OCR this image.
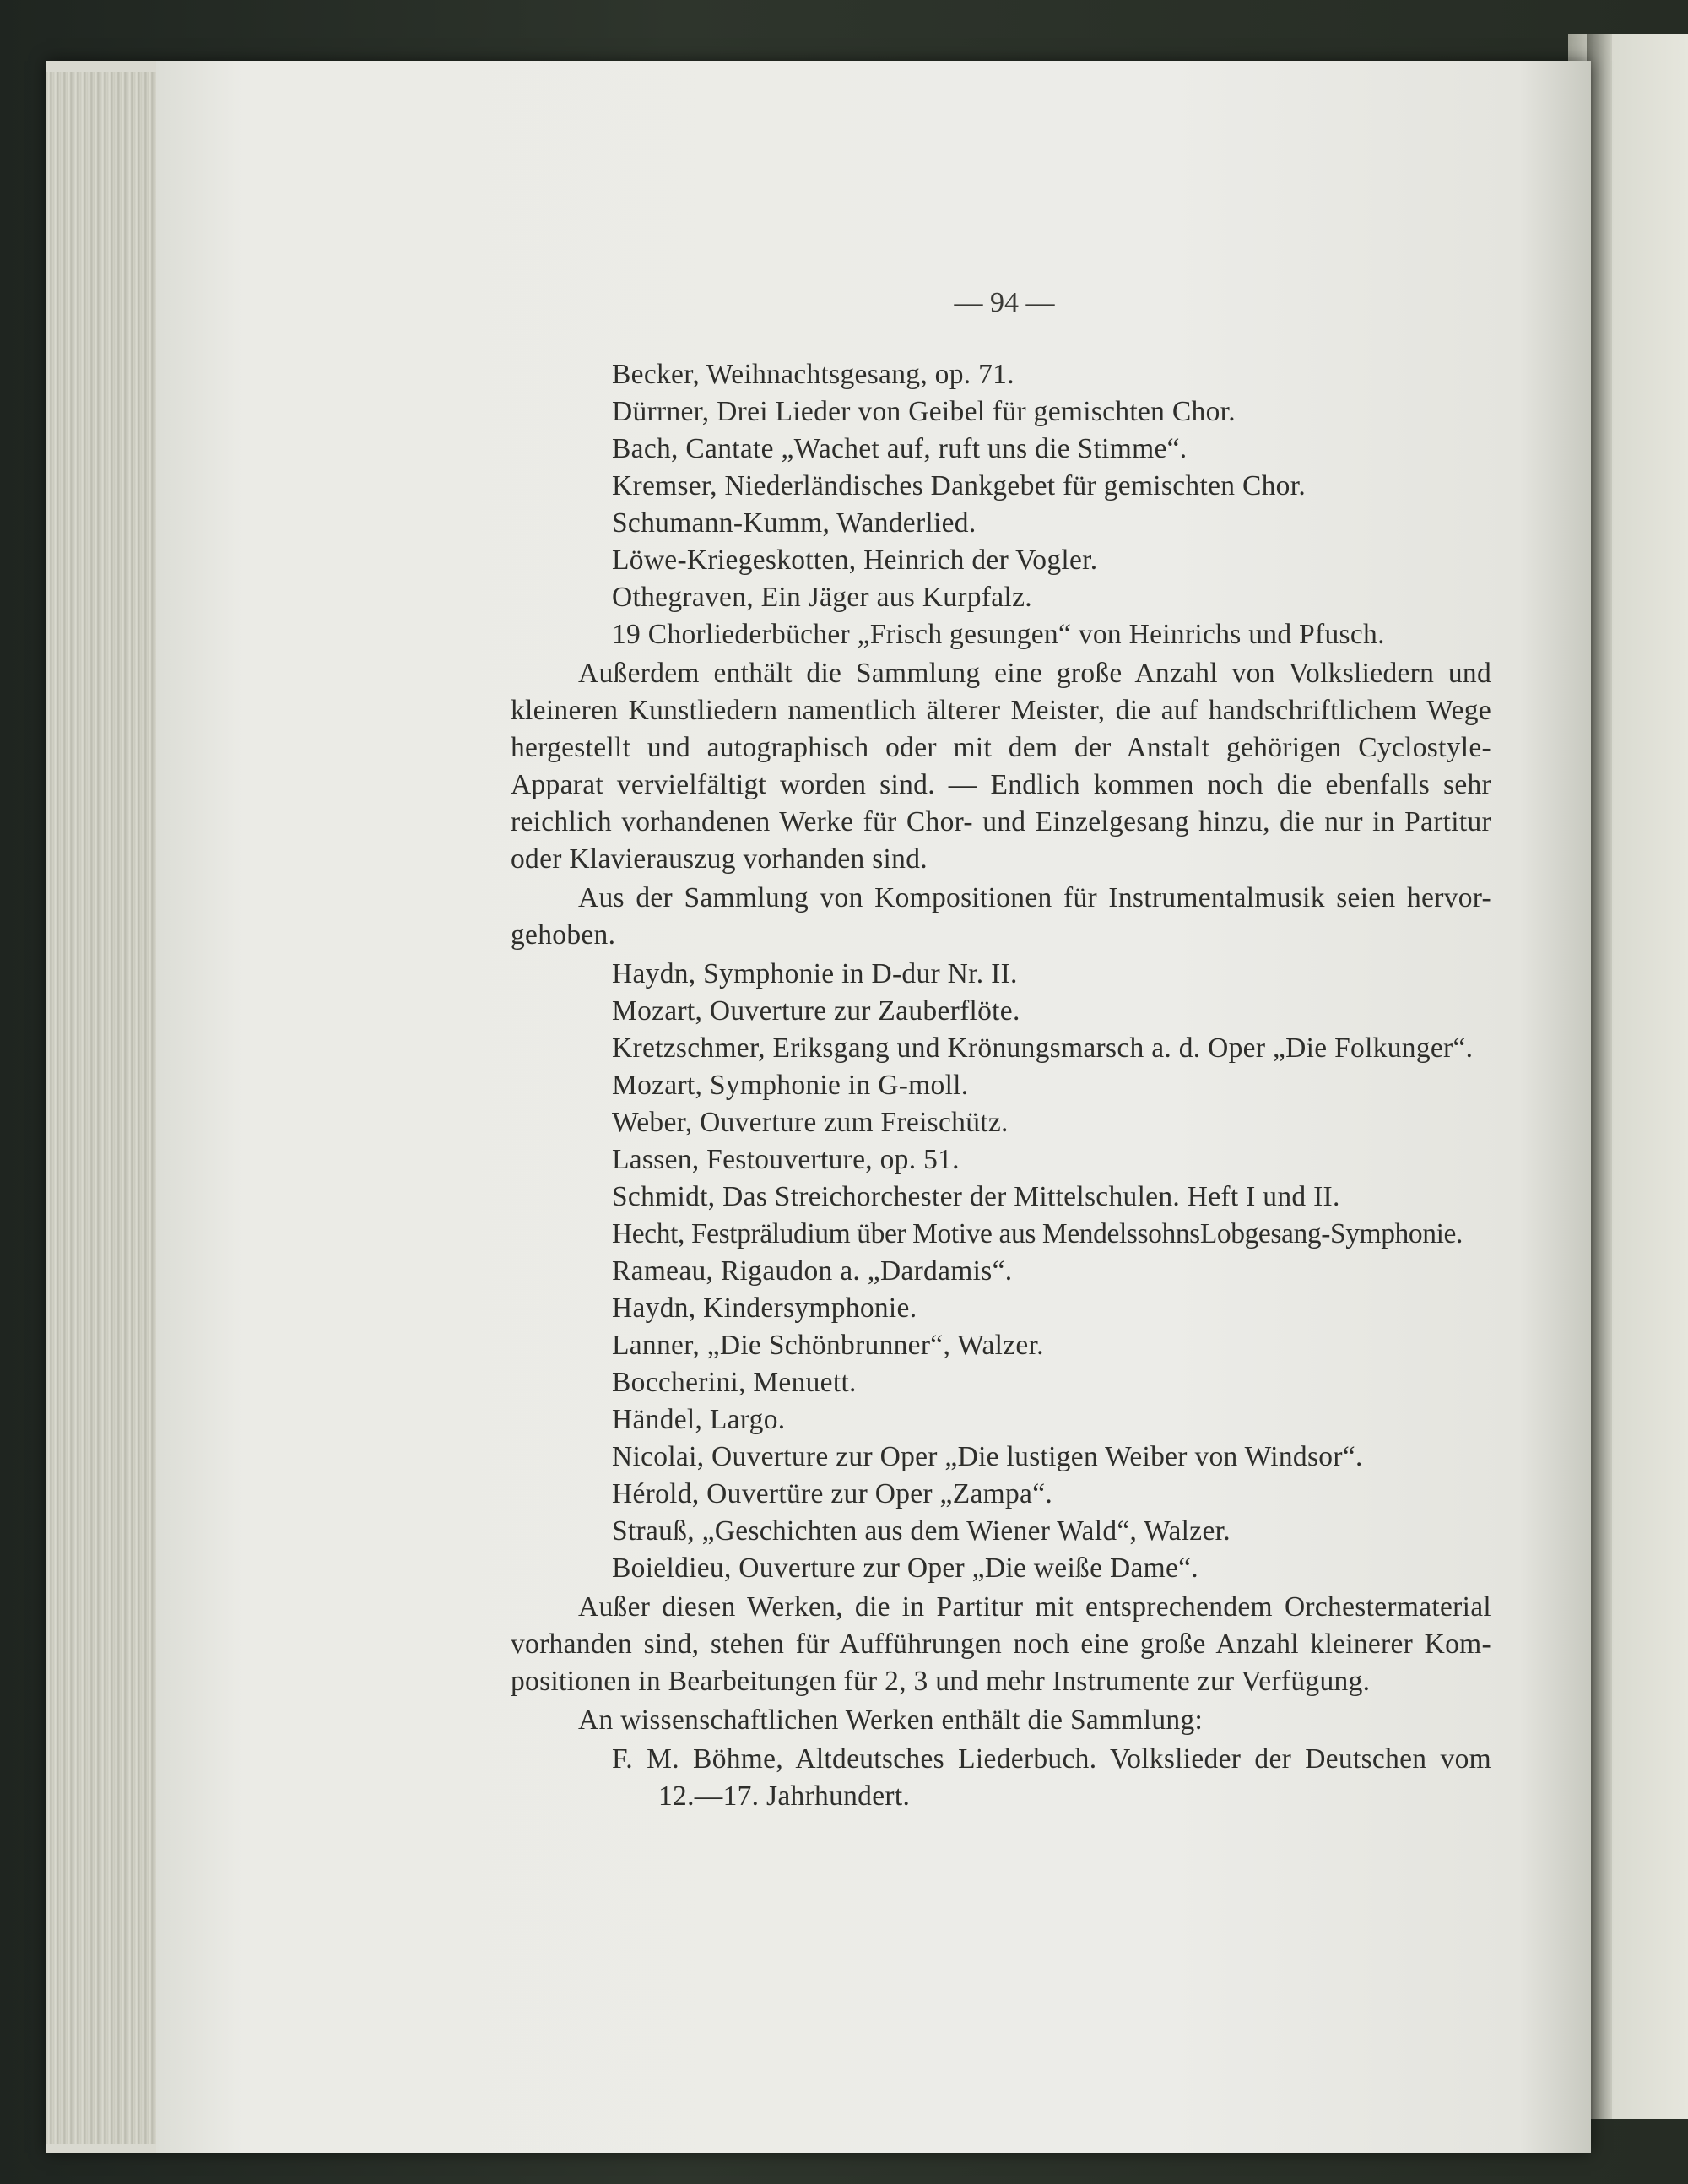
— 94 —
Becker, Weihnachtsgesang, op. 71.
Dürrner, Drei Lieder von Geibel für gemischten Chor.
Bach, Cantate „Wachet auf, ruft uns die Stimme“.
Kremser, Niederländisches Dankgebet für gemischten Chor.
Schumann-Kumm, Wanderlied.
Löwe-Kriegeskotten, Heinrich der Vogler.
Othegraven, Ein Jäger aus Kurpfalz.
19 Chorliederbücher „Frisch gesungen“ von Heinrichs und Pfusch.
Außerdem enthält die Sammlung eine große Anzahl von Volksliedern und
kleineren Kunstliedern namentlich älterer Meister, die auf handschriftlichem Wege
hergestellt und autographisch oder mit dem der Anstalt gehörigen Cyclostyle-
Apparat vervielfältigt worden sind. — Endlich kommen noch die ebenfalls sehr
reichlich vorhandenen Werke für Chor- und Einzelgesang hinzu, die nur in Partitur
oder Klavierauszug vorhanden sind.
Aus der Sammlung von Kompositionen für Instrumentalmusik seien hervor-
gehoben.
Haydn, Symphonie in D-dur Nr. II.
Mozart, Ouverture zur Zauberflöte.
Kretzschmer, Eriksgang und Krönungsmarsch a. d. Oper „Die Folkunger“.
Mozart, Symphonie in G-moll.
Weber, Ouverture zum Freischütz.
Lassen, Festouverture, op. 51.
Schmidt, Das Streichorchester der Mittelschulen. Heft I und II.
Hecht, Festpräludium über Motive aus MendelssohnsLobgesang-Symphonie.
Rameau, Rigaudon a. „Dardamis“.
Haydn, Kindersymphonie.
Lanner, „Die Schönbrunner“, Walzer.
Boccherini, Menuett.
Händel, Largo.
Nicolai, Ouverture zur Oper „Die lustigen Weiber von Windsor“.
Hérold, Ouvertüre zur Oper „Zampa“.
Strauß, „Geschichten aus dem Wiener Wald“, Walzer.
Boieldieu, Ouverture zur Oper „Die weiße Dame“.
Außer diesen Werken, die in Partitur mit entsprechendem Orchestermaterial
vorhanden sind, stehen für Aufführungen noch eine große Anzahl kleinerer Kom-
positionen in Bearbeitungen für 2, 3 und mehr Instrumente zur Verfügung.
An wissenschaftlichen Werken enthält die Sammlung:
F. M. Böhme, Altdeutsches Liederbuch. Volkslieder der Deutschen vom
12.—17. Jahrhundert.
